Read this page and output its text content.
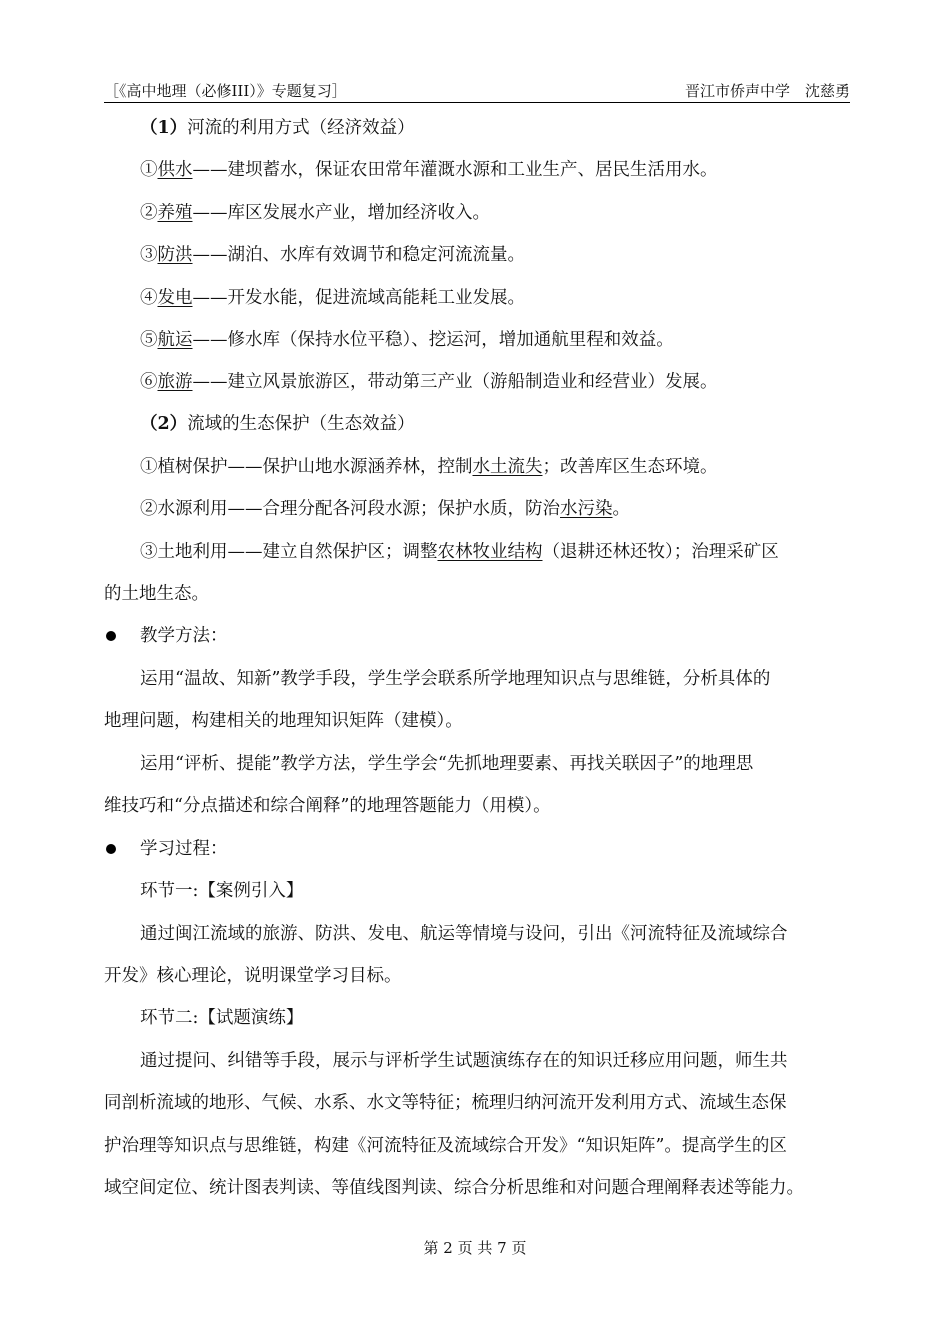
［《高中地理（必修III）》专题复习］	晋江市侨声中学　沈慈勇
（1）河流的利用方式（经济效益）
①供水——建坝蓄水，保证农田常年灌溉水源和工业生产、居民生活用水。
②养殖——库区发展水产业，增加经济收入。
③防洪——湖泊、水库有效调节和稳定河流流量。
④发电——开发水能，促进流域高能耗工业发展。
⑤航运——修水库（保持水位平稳）、挖运河，增加通航里程和效益。
⑥旅游——建立风景旅游区，带动第三产业（游船制造业和经营业）发展。
（2）流域的生态保护（生态效益）
①植树保护——保护山地水源涵养林，控制水土流失；改善库区生态环境。
②水源利用——合理分配各河段水源；保护水质，防治水污染。
③土地利用——建立自然保护区；调整农林牧业结构（退耕还林还牧）；治理采矿区
的土地生态。
教学方法：
运用“温故、知新”教学手段，学生学会联系所学地理知识点与思维链，分析具体的
地理问题，构建相关的地理知识矩阵（建模）。
运用“评析、提能”教学方法，学生学会“先抓地理要素、再找关联因子”的地理思
维技巧和“分点描述和综合阐释”的地理答题能力（用模）。
学习过程：
环节一:【案例引入】
通过闽江流域的旅游、防洪、发电、航运等情境与设问，引出《河流特征及流域综合
开发》核心理论，说明课堂学习目标。
环节二:【试题演练】
通过提问、纠错等手段，展示与评析学生试题演练存在的知识迁移应用问题，师生共
同剖析流域的地形、气候、水系、水文等特征；梳理归纳河流开发利用方式、流域生态保
护治理等知识点与思维链，构建《河流特征及流域综合开发》“知识矩阵”。提高学生的区
域空间定位、统计图表判读、等值线图判读、综合分析思维和对问题合理阐释表述等能力。
第 2 页 共 7 页
